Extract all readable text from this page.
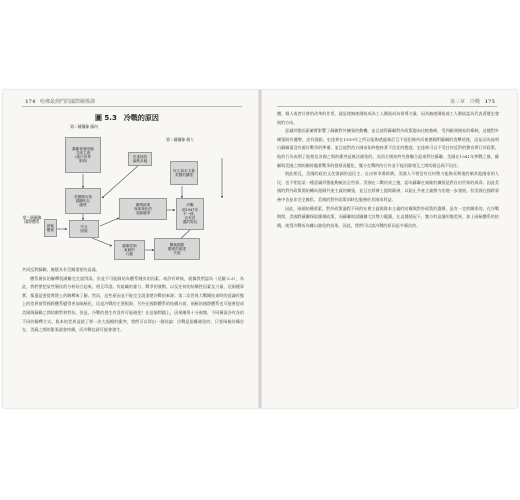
174 哈佛最熱門的國際關係課	第三章　冷戰 175
圖 5.3　冷戰的原因
第二層圖像 國內
第二層圖像 個人
第三層圖像 國際體系
蘇聯意識形態
共產主義
(推行世界
革命)
史達林的
偏執多疑
民主資本主義
美國的擴張
美國國內與
蘇聯相互
圍堵
兩極
體系
安全
困境
圍堵政策
與軍事化的
美蘇競爭
冷戰
到1947年
不一樣，
沒有武
器的對抗
蘇聯控制
東歐的
行動
戰後國際
體系的重建
失敗

共同反對蘇聯，無疑具有至關重要的意義。

體系層次的解釋很湖難完全說得清。但並不可能歸結為體系層次的因素。或許有時候，就像我們認為（見圖 5.3），為此，我們要把某些層次的分析結合起來，相互印證。有組織的暴力、戰爭的發動，以及任何的結構性因素及力量，這兩種事實，都還是要從實際上的解釋來了解。然而，這些原因並不能完全說清楚冷戰的來源；第二次世界大戰剛結束時的意識形態上的差異使得國際體系變得更加兩極化，這是冷戰的主要根源。另外在國際體系的結構方面，兩極的國際體系也可能會促成美國與蘇聯之間的敵對和對抗。但是，冷戰的發生有沒有可能避免？在這個問題上，因果關係十分複雜，不同層面各有各的不同的解釋方式。根本的差異造就了那一次大規模的衝突，我們可以得出一個結論：冷戰是很難避免的，只要兩極結構存在，美蘇之間的緊張就會持續，而冷戰也就可能會發生。

體，個人或者社會的改革的作用，就是使無產階級成為工人階級成為領導力量。因為無產階級或工人階級認為代表著歷史發展的方向。

意識形態因素確實影響了蘇聯對外擴張的動機，並且使得蘇聯對外政策趨向比較強硬，受到歐洲國家的牽制，這種對外擴張既有優勢，也有弱點。史達林在1939年之所以能夠透過簽訂互不侵犯條約而使德國對蘇聯的攻擊延後，這是因為他明白蘇聯還沒有做好戰爭的準備，並且他對西方國家始終抱持著不信任的態度。史達林可以不受任何反對的聲音實行其政策，他的行為表明了他相信各國之間的衝突是無法避免的，而西方國家終究會聯合起來對付蘇聯。美國在1941年參戰之後，蘇聯與美國之間的關係隨著戰爭的發展而變化，雙方在戰時的合作並不能消除相互之間的猜忌與不信任。

與此相反，美國的政治文化強調的是民主、自由和市場經濟。美國人不相信有任何勢力能夠長期地控制其他國家的人民，也不相信某一種意識形態能夠統治全世界。美國在二戰結束之後，認為蘇聯在東歐的擴張是對自由世界的威脅。因此美國的對外政策開始轉向遏制共產主義的擴張，並且在經濟上援助歐洲，以防止共產主義勢力的進一步發展。但美國在國際事務中也並非完全無私，美國的對外政策同時也服務於其國家利益。

因此，兩個結構要素，對外政策過程不同的社會主義與資本主義的結構與對外政策的選擇，是有一定的關係的。在冷戰期間，美國對蘇聯採取圍堵政策，而蘇聯則試圖擴大其勢力範圍。在這種情況下，雙方的意識形態差異，加上兩極體系的結構，使得冷戰成為難以避免的結果。因此，我們可以說冷戰的原因是多層次的。
